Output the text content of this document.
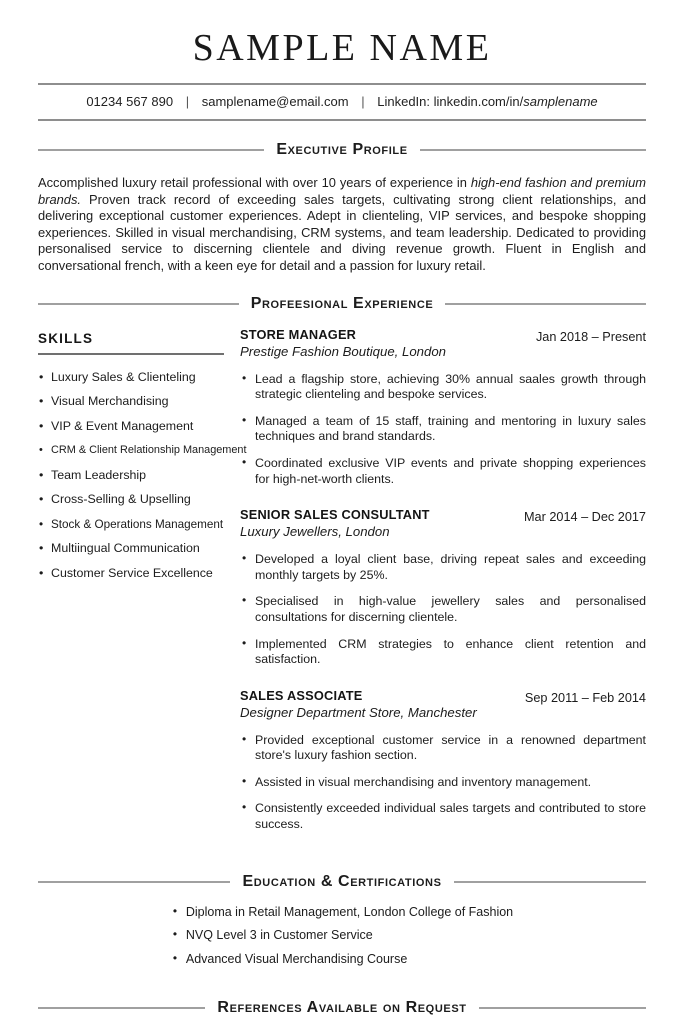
SAMPLE NAME
01234 567 890 | samplename@email.com | LinkedIn: linkedin.com/in/samplename
Executive Profile

Accomplished luxury retail professional with over 10 years of experience in high-end fashion and premium brands. Proven track record of exceeding sales targets, cultivating strong client relationships, and delivering exceptional customer experiences. Adept in clienteling, VIP services, and bespoke shopping experiences. Skilled in visual merchandising, CRM systems, and team leadership. Dedicated to providing personalised service to discerning clientele and diving revenue growth. Fluent in English and conversational french, with a keen eye for detail and a passion for luxury retail.

Profeesional Experience
SKILLS
• Luxury Sales & Clienteling
• Visual Merchandising
• VIP & Event Management
• CRM & Client Relationship Management
• Team Leadership
• Cross-Selling & Upselling
• Stock & Operations Management
• Multiingual Communication
• Customer Service Excellence
STORE MANAGER
Prestige Fashion Boutique, London
Jan 2018 – Present
• Lead a flagship store, achieving 30% annual saales growth through strategic clienteling and bespoke services.
• Managed a team of 15 staff, training and mentoring in luxury sales techniques and brand standards.
• Coordinated exclusive VIP events and private shopping experiences for high-net-worth clients.
SENIOR SALES CONSULTANT
Luxury Jewellers, London
Mar 2014 – Dec 2017
• Developed a loyal client base, driving repeat sales and exceeding monthly targets by 25%.
• Specialised in high-value jewellery sales and personalised consultations for discerning clientele.
• Implemented CRM strategies to enhance client retention and satisfaction.
SALES ASSOCIATE
Designer Department Store, Manchester
Sep 2011 – Feb 2014
• Provided exceptional customer service in a renowned department store's luxury fashion section.
• Assisted in visual merchandising and inventory management.
• Consistently exceeded individual sales targets and contributed to store success.
Education & Certifications
• Diploma in Retail Management, London College of Fashion
• NVQ Level 3 in Customer Service
• Advanced Visual Merchandising Course
References Available on Request
